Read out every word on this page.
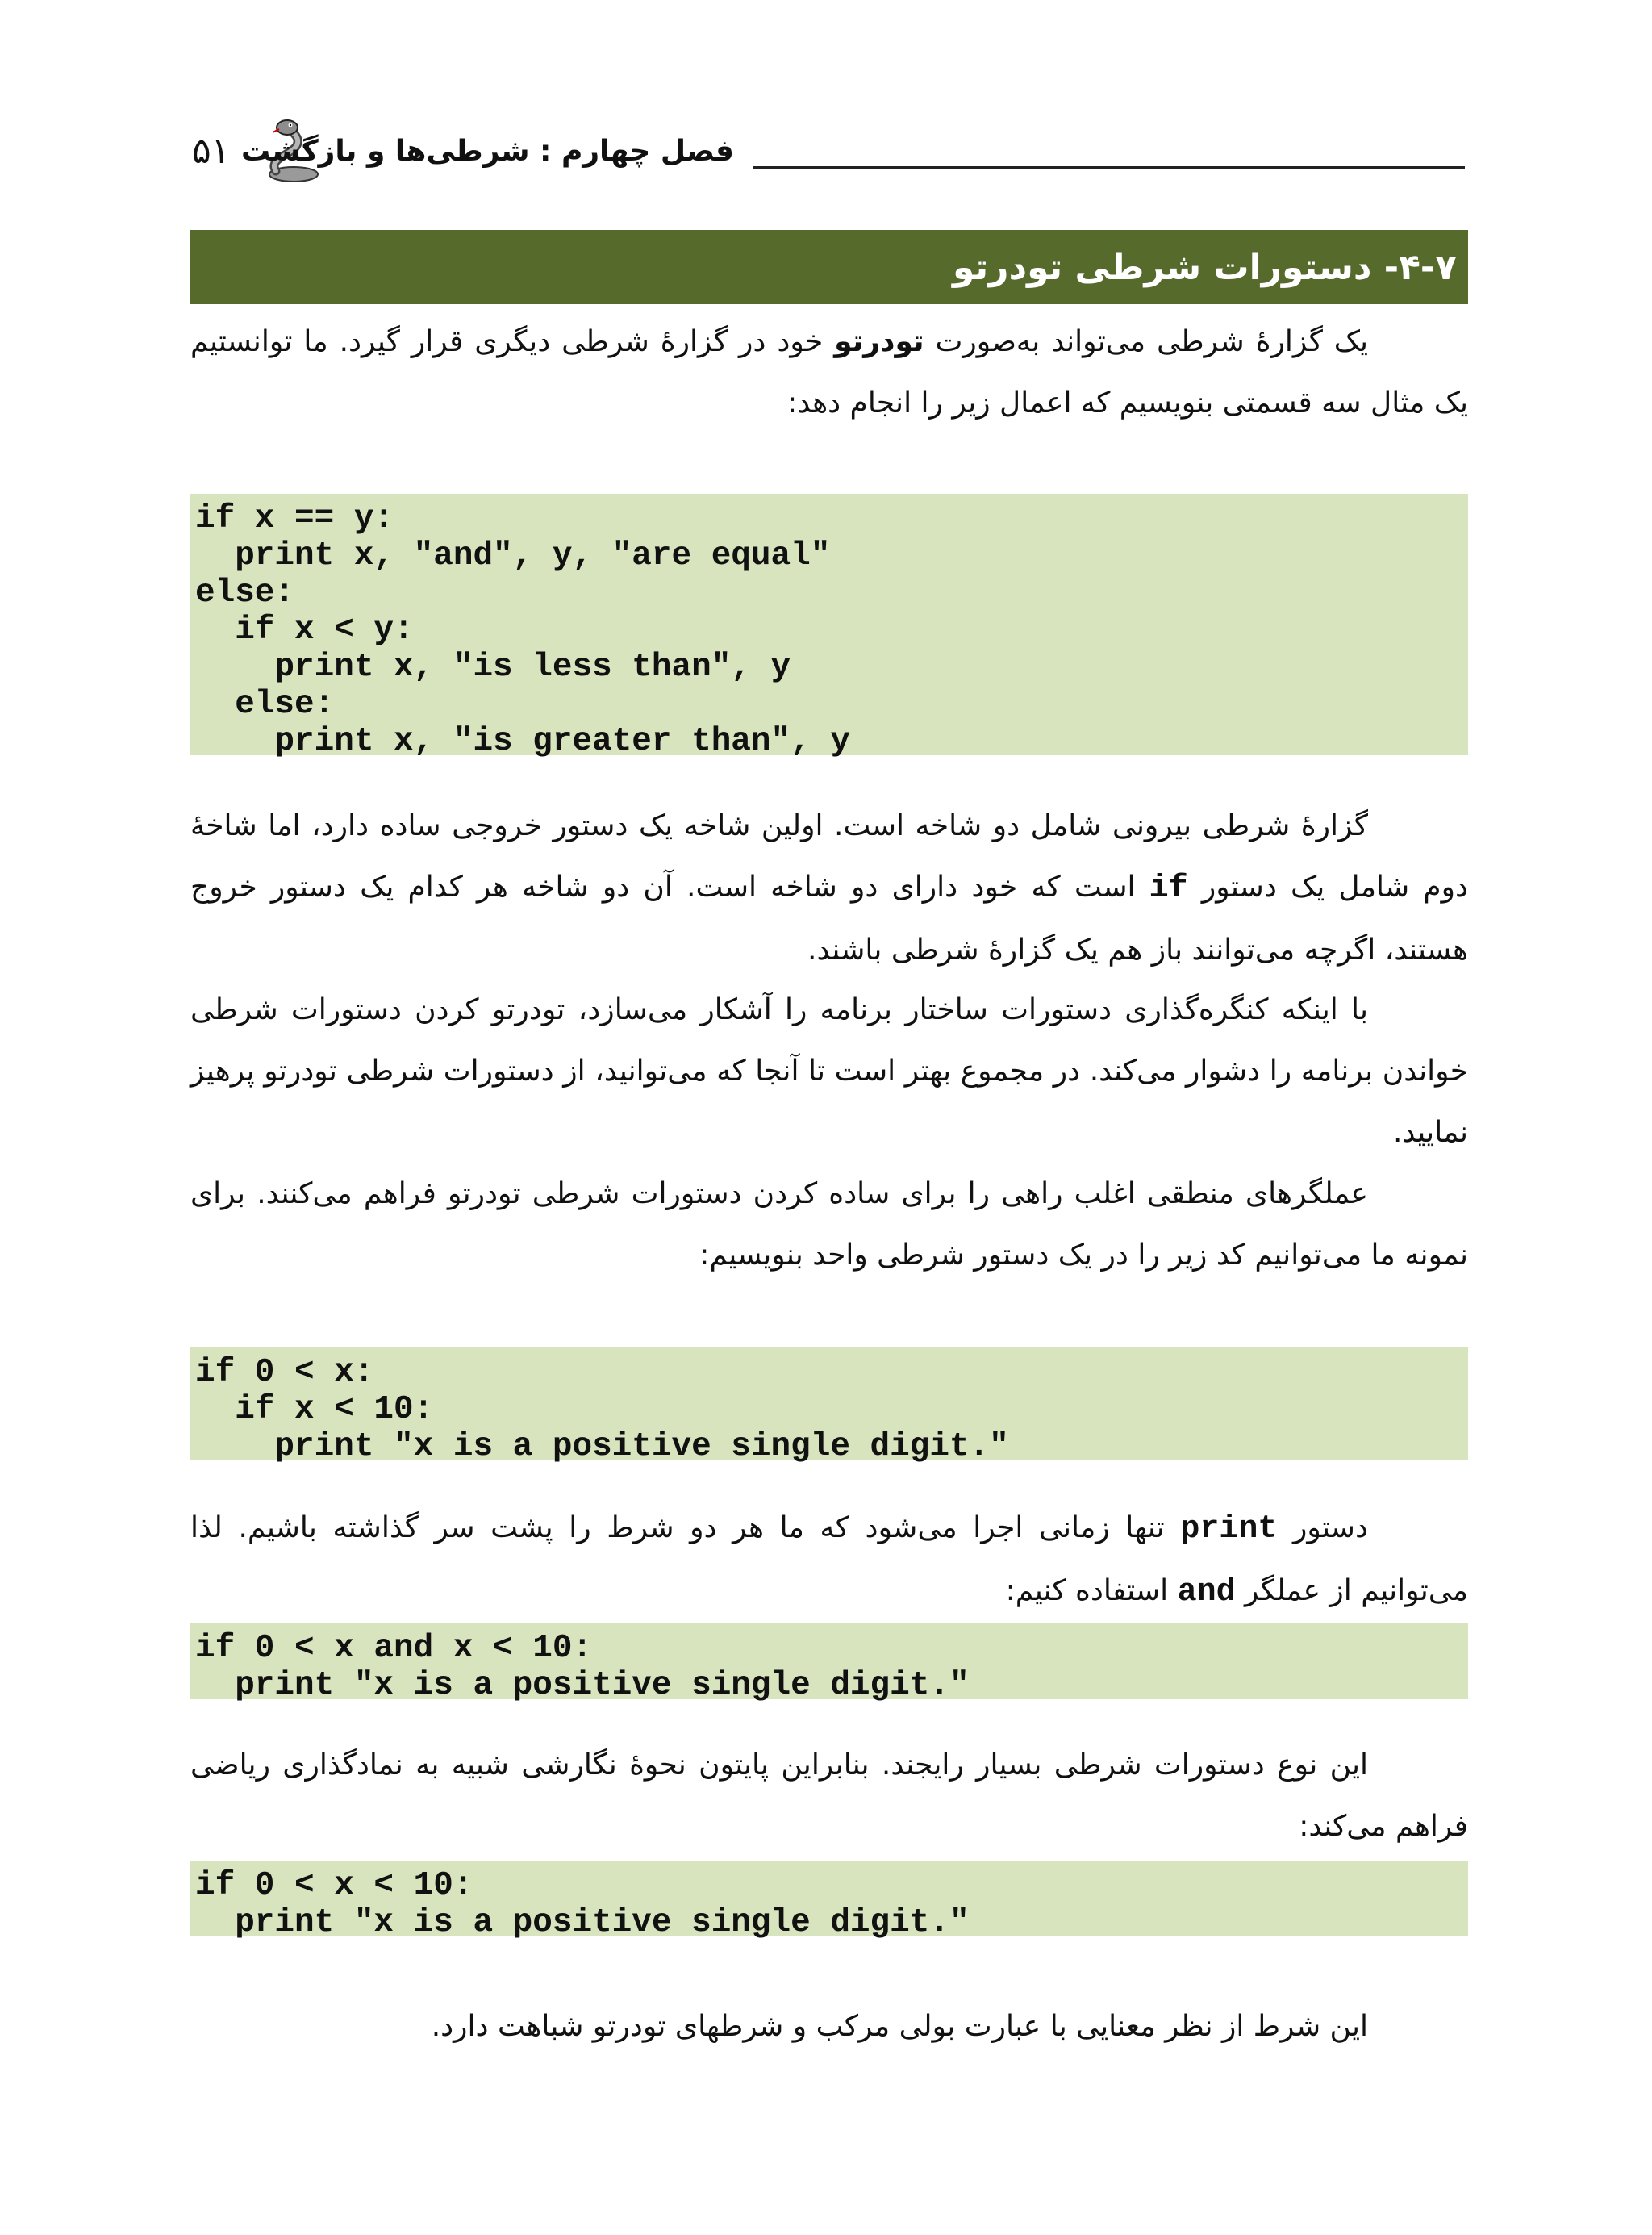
۵۱ فصل چهارم : شرطی‌ها و بازگشت
۴-۷- دستورات شرطی تودرتو

یک گزارهٔ شرطی می‌تواند به‌صورت تودرتو خود در گزارهٔ شرطی دیگری قرار گیرد. ما توانستیم یک مثال سه قسمتی بنویسیم که اعمال زیر را انجام دهد:

if x == y:
print x, "and", y, "are equal"
else:
if x < y:
print x, "is less than", y
else:
print x, "is greater than", y

گزارهٔ شرطی بیرونی شامل دو شاخه است. اولین شاخه یک دستور خروجی ساده دارد، اما شاخهٔ دوم شامل یک دستور if است که خود دارای دو شاخه است. آن دو شاخه هر کدام یک دستور خروج هستند، اگرچه می‌توانند باز هم یک گزارهٔ شرطی باشند.

با اینکه کنگره‌گذاری دستورات ساختار برنامه را آشکار می‌سازد، تودرتو کردن دستورات شرطی خواندن برنامه را دشوار می‌کند. در مجموع بهتر است تا آنجا که می‌توانید، از دستورات شرطی تودرتو پرهیز نمایید.

عملگرهای منطقی اغلب راهی را برای ساده کردن دستورات شرطی تودرتو فراهم می‌کنند. برای نمونه ما می‌توانیم کد زیر را در یک دستور شرطی واحد بنویسیم:

if 0 < x:
if x < 10:
print "x is a positive single digit."

دستور print تنها زمانی اجرا می‌شود که ما هر دو شرط را پشت سر گذاشته باشیم. لذا می‌توانیم از عملگر and استفاده کنیم:

if 0 < x and x < 10:
print "x is a positive single digit."

این نوع دستورات شرطی بسیار رایجند. بنابراین پایتون نحوهٔ نگارشی شبیه به نمادگذاری ریاضی فراهم می‌کند:

if 0 < x < 10:
print "x is a positive single digit."

این شرط از نظر معنایی با عبارت بولی مرکب و شرطهای تودرتو شباهت دارد.
